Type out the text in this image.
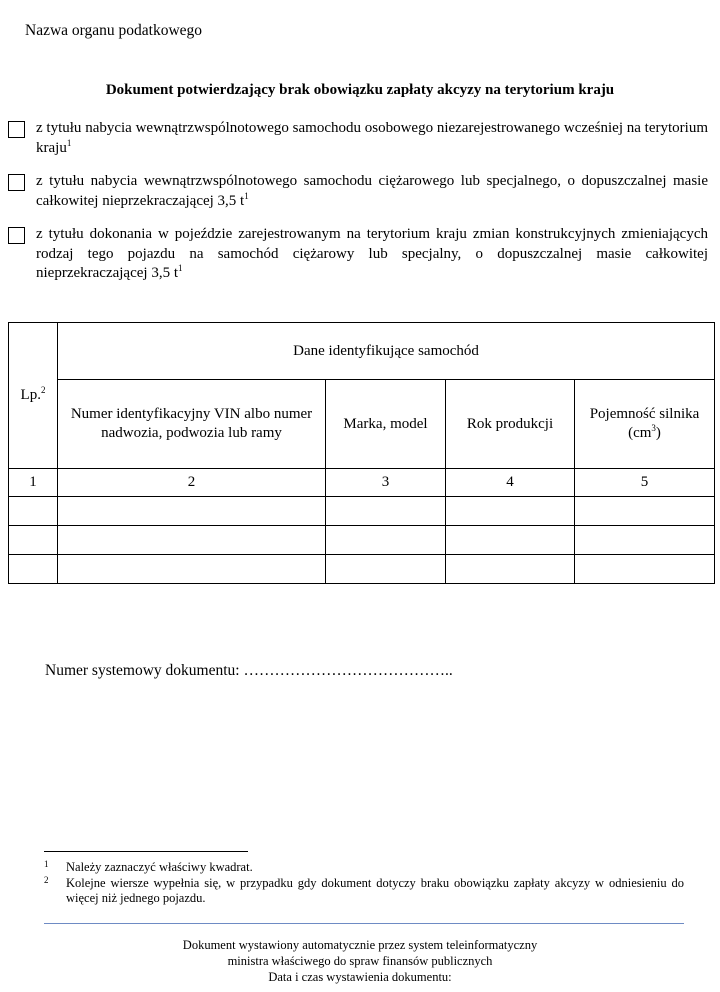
Nazwa organu podatkowego
Dokument potwierdzający brak obowiązku zapłaty akcyzy na terytorium kraju
z tytułu nabycia wewnątrzwspólnotowego samochodu osobowego niezarejestrowanego wcześniej na terytorium kraju$^1$
z tytułu nabycia wewnątrzwspólnotowego samochodu ciężarowego lub specjalnego, o dopuszczalnej masie całkowitej nieprzekraczającej 3,5 $t^1$
z tytułu dokonania w pojeździe zarejestrowanym na terytorium kraju zmian konstrukcyjnych zmieniających rodzaj tego pojazdu na samochód ciężarowy lub specjalny, o dopuszczalnej masie całkowitej nieprzekraczającej 3,5 $t^1$
Lp.$^2$	Dane identyfikujące samochód			
	Numer identyfikacyjny VIN albo numer nadwozia, podwozia lub ramy	Marka, model	Rok produkcji	Pojemność silnika $(cm^3)$
1	2	3	4	5

Numer systemowy dokumentu: …………………………………..
1 Należy zaznaczyć właściwy kwadrat.
2 Kolejne wiersze wypełnia się, w przypadku gdy dokument dotyczy braku obowiązku zapłaty akcyzy w odniesieniu do więcej niż jednego pojazdu.
Dokument wystawiony automatycznie przez system teleinformatyczny
ministra właściwego do spraw finansów publicznych
Data i czas wystawienia dokumentu:
